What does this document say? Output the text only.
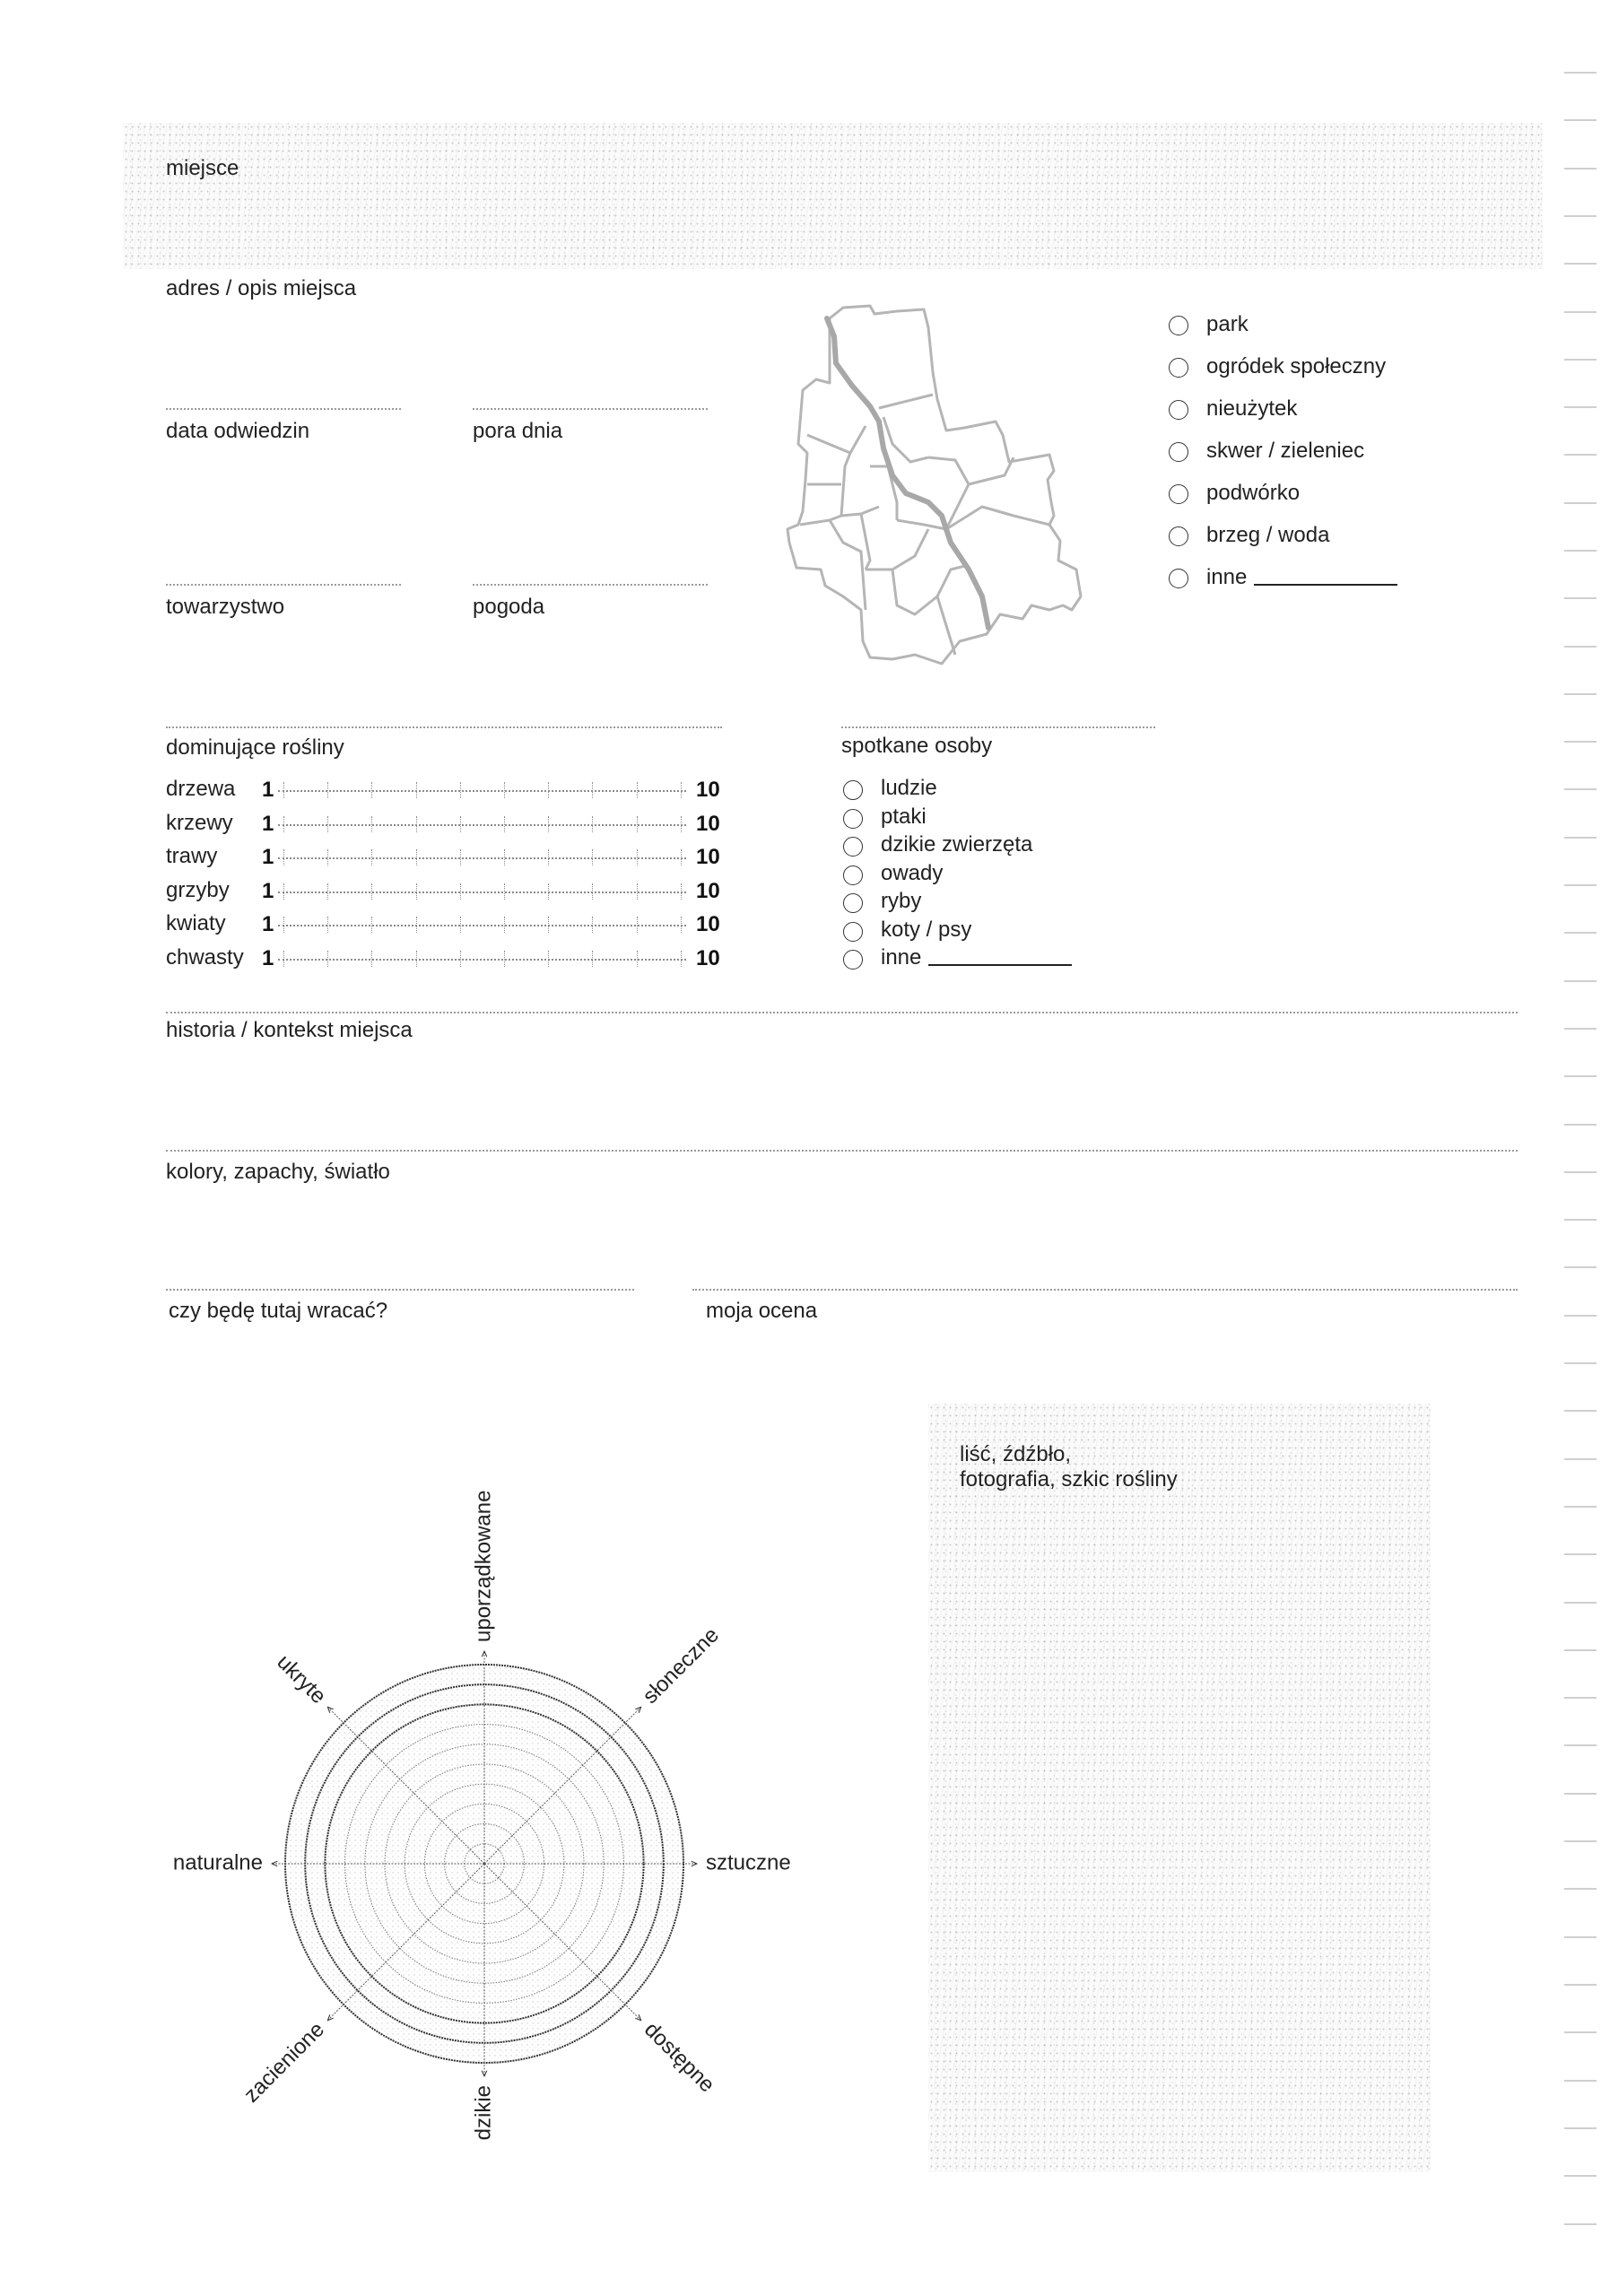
miejsce
adres / opis miejsca
data odwiedzin	pora dnia
towarzystwo	pogoda
park
ogródek społeczny
nieużytek
skwer / zieleniec
podwórko
brzeg / woda
inne
dominujące rośliny
drzewa 1	10
krzewy 1	10
trawy 1	10
grzyby 1	10
kwiaty 1	10
chwasty 1	10
spotkane osoby
ludzie
ptaki
dzikie zwierzęta
owady
ryby
koty / psy
inne
historia / kontekst miejsca
kolory, zapachy, światło
czy będę tutaj wracać?	moja ocena
uporządkowane
słoneczne
sztuczne
dostępne
dzikie
zacienione
naturalne
ukryte
liść, źdźbło,
fotografia, szkic rośliny
